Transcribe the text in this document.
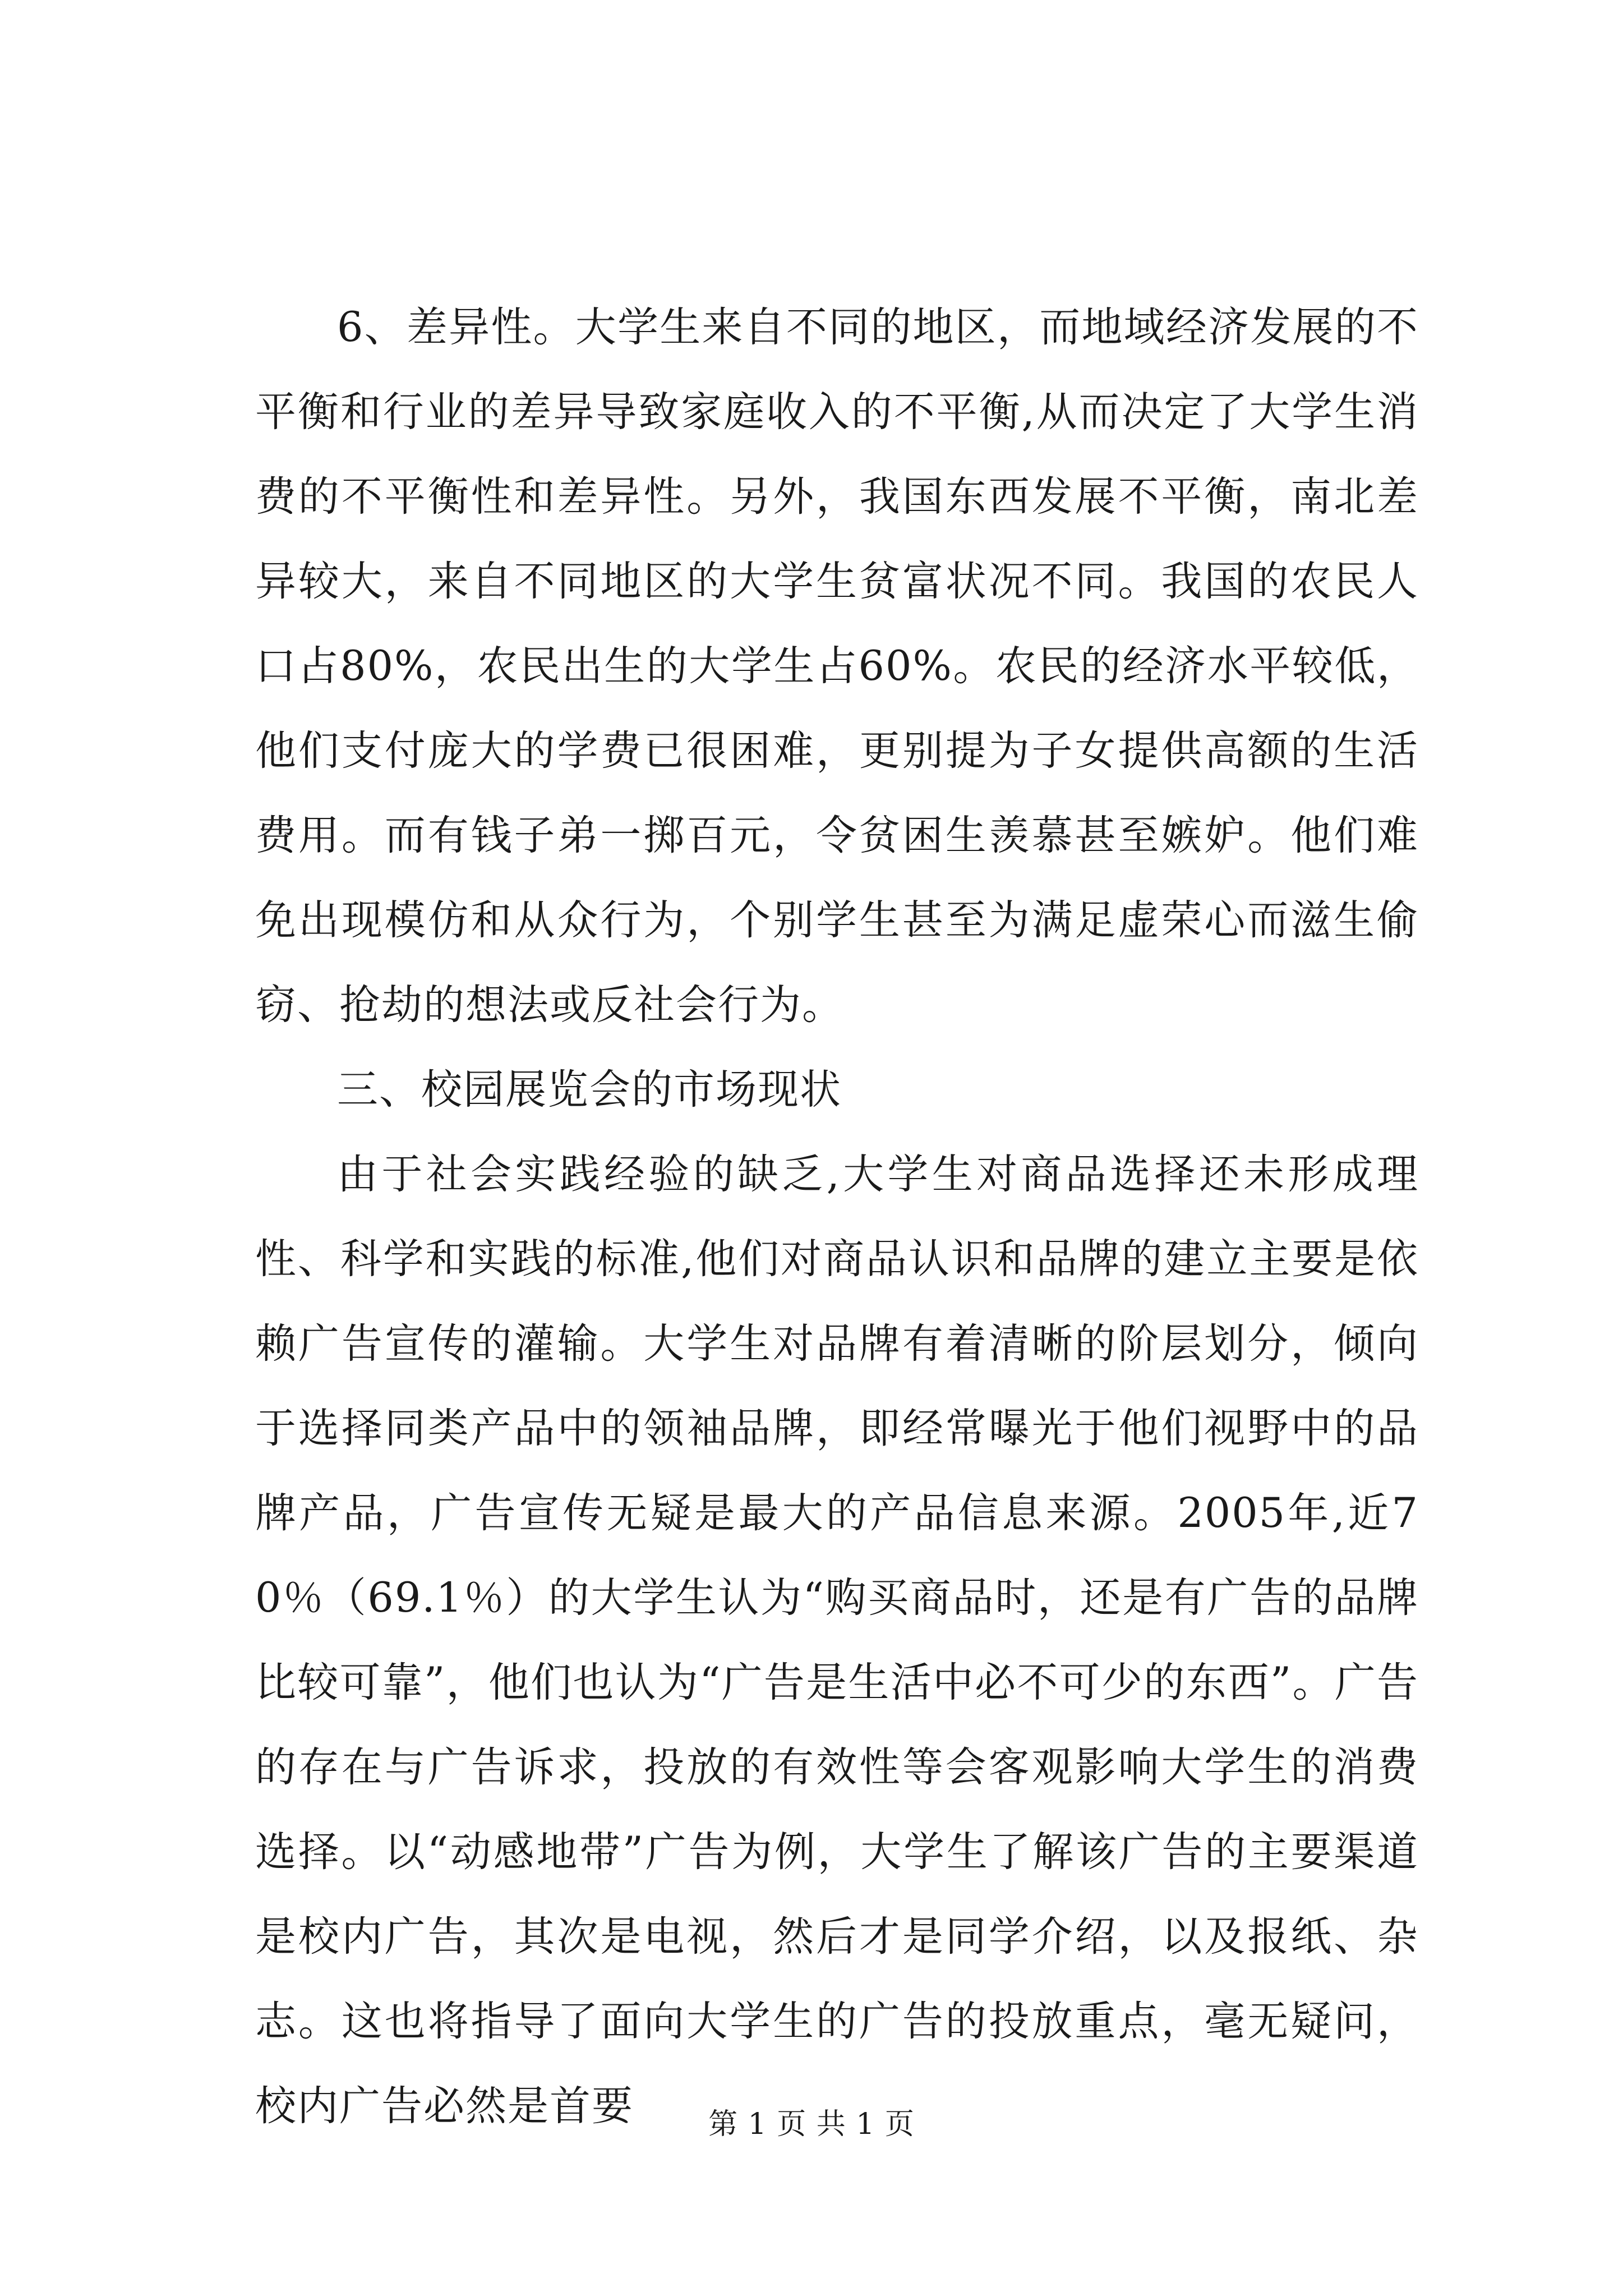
6、差异性。大学生来自不同的地区，而地域经济发展的不平衡和行业的差异导致家庭收入的不平衡,从而决定了大学生消费的不平衡性和差异性。另外，我国东西发展不平衡，南北差异较大，来自不同地区的大学生贫富状况不同。我国的农民人口占80%，农民出生的大学生占60%。农民的经济水平较低，他们支付庞大的学费已很困难，更别提为子女提供高额的生活费用。而有钱子弟一掷百元，令贫困生羡慕甚至嫉妒。他们难免出现模仿和从众行为，个别学生甚至为满足虚荣心而滋生偷窃、抢劫的想法或反社会行为。

三、校园展览会的市场现状

由于社会实践经验的缺乏,大学生对商品选择还未形成理性、科学和实践的标准,他们对商品认识和品牌的建立主要是依赖广告宣传的灌输。大学生对品牌有着清晰的阶层划分，倾向于选择同类产品中的领袖品牌，即经常曝光于他们视野中的品牌产品，广告宣传无疑是最大的产品信息来源。2005年,近70％（69.1％）的大学生认为“购买商品时，还是有广告的品牌比较可靠”，他们也认为“广告是生活中必不可少的东西”。广告的存在与广告诉求，投放的有效性等会客观影响大学生的消费选择。以“动感地带”广告为例，大学生了解该广告的主要渠道是校内广告，其次是电视，然后才是同学介绍，以及报纸、杂志。这也将指导了面向大学生的广告的投放重点，毫无疑问，校内广告必然是首要	第 1 页 共 1 页
